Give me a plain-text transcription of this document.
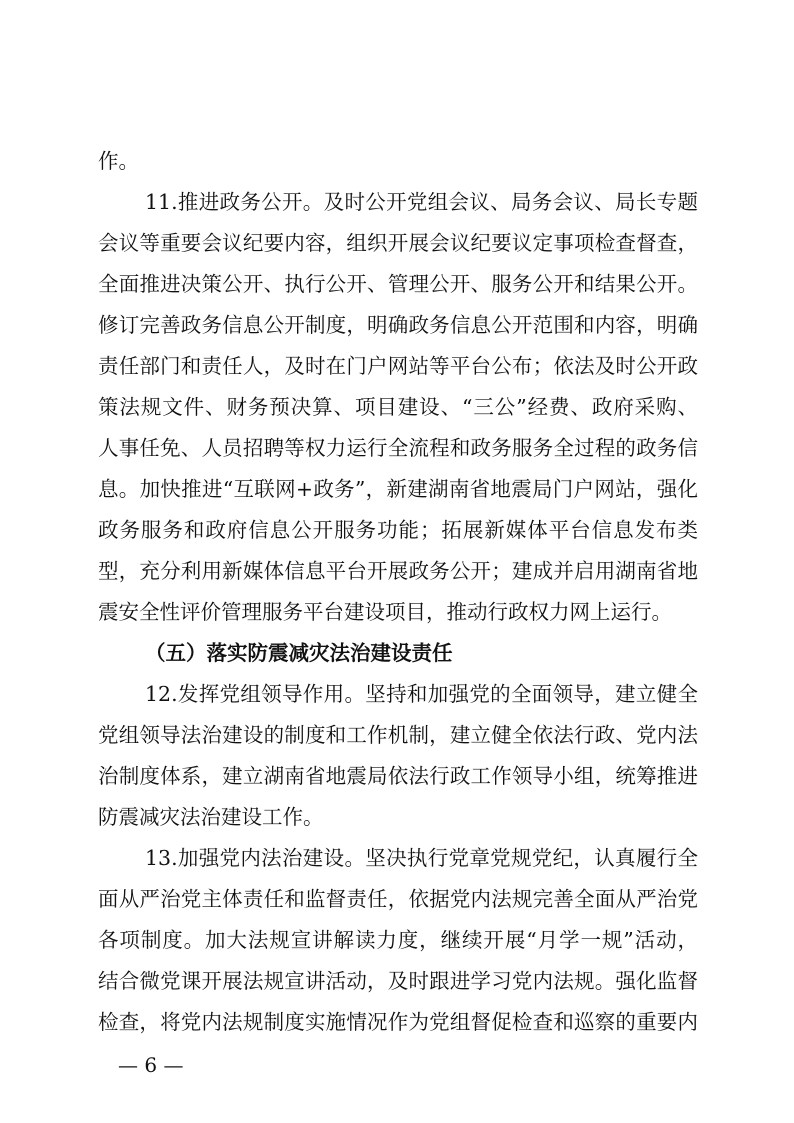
作。
11.推进政务公开。及时公开党组会议、局务会议、局长专题
会议等重要会议纪要内容，组织开展会议纪要议定事项检查督查，
全面推进决策公开、执行公开、管理公开、服务公开和结果公开。
修订完善政务信息公开制度，明确政务信息公开范围和内容，明确
责任部门和责任人，及时在门户网站等平台公布；依法及时公开政
策法规文件、财务预决算、项目建设、“三公”经费、政府采购、
人事任免、人员招聘等权力运行全流程和政务服务全过程的政务信
息。加快推进“互联网+政务”，新建湖南省地震局门户网站，强化
政务服务和政府信息公开服务功能；拓展新媒体平台信息发布类
型，充分利用新媒体信息平台开展政务公开；建成并启用湖南省地
震安全性评价管理服务平台建设项目，推动行政权力网上运行。
（五）落实防震减灾法治建设责任
12.发挥党组领导作用。坚持和加强党的全面领导，建立健全
党组领导法治建设的制度和工作机制，建立健全依法行政、党内法
治制度体系，建立湖南省地震局依法行政工作领导小组，统筹推进
防震减灾法治建设工作。
13.加强党内法治建设。坚决执行党章党规党纪，认真履行全
面从严治党主体责任和监督责任，依据党内法规完善全面从严治党
各项制度。加大法规宣讲解读力度，继续开展“月学一规”活动，
结合微党课开展法规宣讲活动，及时跟进学习党内法规。强化监督
检查，将党内法规制度实施情况作为党组督促检查和巡察的重要内
— 6 —
